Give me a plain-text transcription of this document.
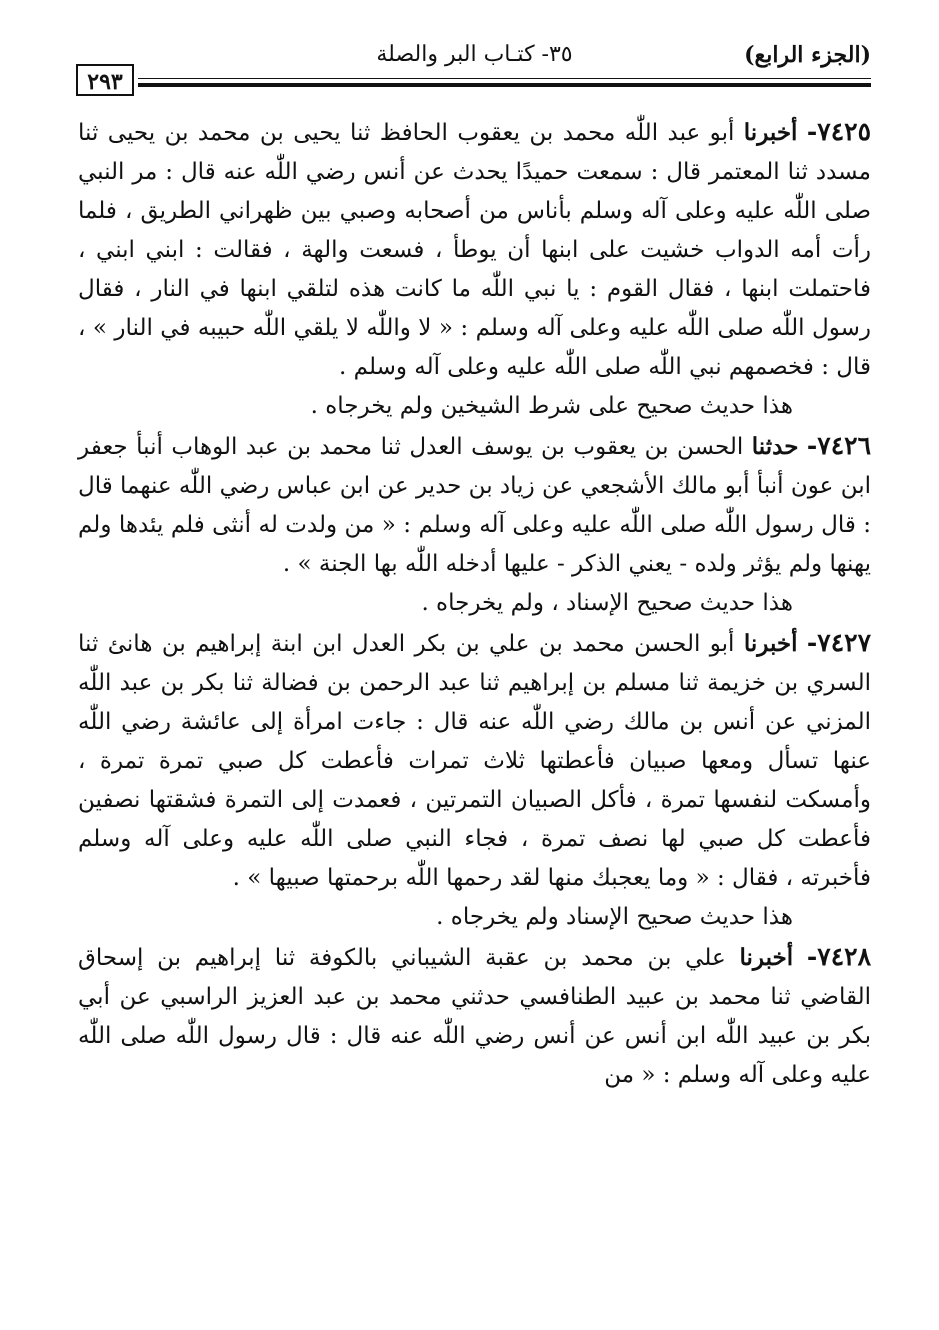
(الجزء الرابع)
٣٥- كتـاب البر والصلة
٢٩٣

٧٤٢٥- أخبرنا أبو عبد اللّٰه محمد بن يعقوب الحافظ ثنا يحيى بن محمد بن يحيى ثنا مسدد ثنا المعتمر قال : سمعت حميدًا يحدث عن أنس رضي اللّٰه عنه قال : مر النبي صلى اللّٰه عليه وعلى آله وسلم بأناس من أصحابه وصبي بين ظهراني الطريق ، فلما رأت أمه الدواب خشيت على ابنها أن يوطأ ، فسعت والهة ، فقالت : ابني ابني ، فاحتملت ابنها ، فقال القوم : يا نبي اللّٰه ما كانت هذه لتلقي ابنها في النار ، فقال رسول اللّٰه صلى اللّٰه عليه وعلى آله وسلم : « لا واللّٰه لا يلقي اللّٰه حبيبه في النار » ، قال : فخصمهم نبي اللّٰه صلى اللّٰه عليه وعلى آله وسلم .

هذا حديث صحيح على شرط الشيخين ولم يخرجاه .

٧٤٢٦- حدثنا الحسن بن يعقوب بن يوسف العدل ثنا محمد بن عبد الوهاب أنبأ جعفر ابن عون أنبأ أبو مالك الأشجعي عن زياد بن حدير عن ابن عباس رضي اللّٰه عنهما قال : قال رسول اللّٰه صلى اللّٰه عليه وعلى آله وسلم : « من ولدت له أنثى فلم يئدها ولم يهنها ولم يؤثر ولده - يعني الذكر - عليها أدخله اللّٰه بها الجنة » .

هذا حديث صحيح الإسناد ، ولم يخرجاه .

٧٤٢٧- أخبرنا أبو الحسن محمد بن علي بن بكر العدل ابن ابنة إبراهيم بن هانئ ثنا السري بن خزيمة ثنا مسلم بن إبراهيم ثنا عبد الرحمن بن فضالة ثنا بكر بن عبد اللّٰه المزني عن أنس بن مالك رضي اللّٰه عنه قال : جاءت امرأة إلى عائشة رضي اللّٰه عنها تسأل ومعها صبيان فأعطتها ثلاث تمرات فأعطت كل صبي تمرة تمرة ، وأمسكت لنفسها تمرة ، فأكل الصبيان التمرتين ، فعمدت إلى التمرة فشقتها نصفين فأعطت كل صبي لها نصف تمرة ، فجاء النبي صلى اللّٰه عليه وعلى آله وسلم فأخبرته ، فقال : « وما يعجبك منها لقد رحمها اللّٰه برحمتها صبيها » .

هذا حديث صحيح الإسناد ولم يخرجاه .

٧٤٢٨- أخبرنا علي بن محمد بن عقبة الشيباني بالكوفة ثنا إبراهيم بن إسحاق القاضي ثنا محمد بن عبيد الطنافسي حدثني محمد بن عبد العزيز الراسبي عن أبي بكر بن عبيد اللّٰه ابن أنس عن أنس رضي اللّٰه عنه قال : قال رسول اللّٰه صلى اللّٰه عليه وعلى آله وسلم : « من
